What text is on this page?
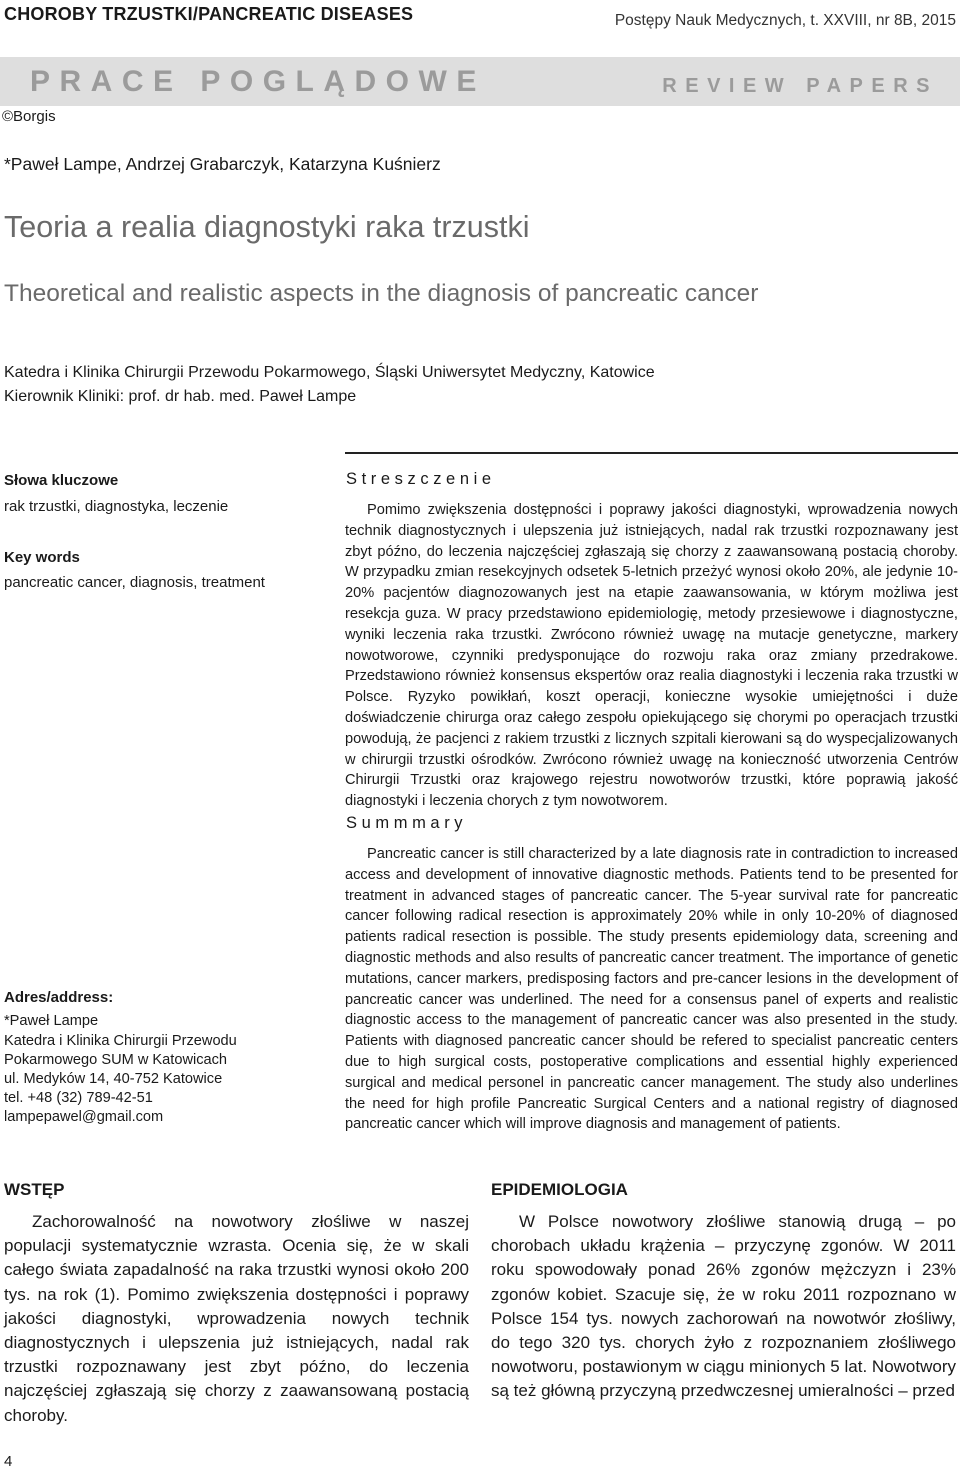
CHOROBY TRZUSTKI/PANCREATIC DISEASES	Postępy Nauk Medycznych, t. XXVIII, nr 8B, 2015
PRACE POGLĄDOWE	REVIEW PAPERS
©Borgis
*Paweł Lampe, Andrzej Grabarczyk, Katarzyna Kuśnierz
Teoria a realia diagnostyki raka trzustki
Theoretical and realistic aspects in the diagnosis of pancreatic cancer
Katedra i Klinika Chirurgii Przewodu Pokarmowego, Śląski Uniwersytet Medyczny, Katowice
Kierownik Kliniki: prof. dr hab. med. Paweł Lampe
Słowa kluczowe
rak trzustki, diagnostyka, leczenie
Key words
pancreatic cancer, diagnosis, treatment
Streszczenie
Pomimo zwiększenia dostępności i poprawy jakości diagnostyki, wprowadzenia nowych technik diagnostycznych i ulepszenia już istniejących, nadal rak trzustki rozpoznawany jest zbyt późno, do leczenia najczęściej zgłaszają się chorzy z zaawansowaną postacią choroby. W przypadku zmian resekcyjnych odsetek 5-letnich przeżyć wynosi około 20%, ale jedynie 10-20% pacjentów diagnozowanych jest na etapie zaawansowania, w którym możliwa jest resekcja guza. W pracy przedstawiono epidemiologię, metody przesiewowe i diagnostyczne, wyniki leczenia raka trzustki. Zwrócono również uwagę na mutacje genetyczne, markery nowotworowe, czynniki predysponujące do rozwoju raka oraz zmiany przedrakowe. Przedstawiono również konsensus ekspertów oraz realia diagnostyki i leczenia raka trzustki w Polsce. Ryzyko powikłań, koszt operacji, konieczne wysokie umiejętności i duże doświadczenie chirurga oraz całego zespołu opiekującego się chorymi po operacjach trzustki powodują, że pacjenci z rakiem trzustki z licznych szpitali kierowani są do wyspecjalizowanych w chirurgii trzustki ośrodków. Zwrócono również uwagę na konieczność utworzenia Centrów Chirurgii Trzustki oraz krajowego rejestru nowotworów trzustki, które poprawią jakość diagnostyki i leczenia chorych z tym nowotworem.
Summmary
Pancreatic cancer is still characterized by a late diagnosis rate in contradiction to increased access and development of innovative diagnostic methods. Patients tend to be presented for treatment in advanced stages of pancreatic cancer. The 5-year survival rate for pancreatic cancer following radical resection is approximately 20% while in only 10-20% of diagnosed patients radical resection is possible. The study presents epidemiology data, screening and diagnostic methods and also results of pancreatic cancer treatment. The importance of genetic mutations, cancer markers, predisposing factors and pre-cancer lesions in the development of pancreatic cancer was underlined. The need for a consensus panel of experts and realistic diagnostic access to the management of pancreatic cancer was also presented in the study. Patients with diagnosed pancreatic cancer should be refered to specialist pancreatic centers due to high surgical costs, postoperative complications and essential highly experienced surgical and medical personel in pancreatic cancer management. The study also underlines the need for high profile Pancreatic Surgical Centers and a national registry of diagnosed pancreatic cancer which will improve diagnosis and management of patients.
Adres/address:
*Paweł Lampe
Katedra i Klinika Chirurgii Przewodu
Pokarmowego SUM w Katowicach
ul. Medyków 14, 40-752 Katowice
tel. +48 (32) 789-42-51
lampepawel@gmail.com
WSTĘP
Zachorowalność na nowotwory złośliwe w naszej populacji systematycznie wzrasta. Ocenia się, że w skali całego świata zapadalność na raka trzustki wynosi około 200 tys. na rok (1). Pomimo zwiększenia dostępności i poprawy jakości diagnostyki, wprowadzenia nowych technik diagnostycznych i ulepszenia już istniejących, nadal rak trzustki rozpoznawany jest zbyt późno, do leczenia najczęściej zgłaszają się chorzy z zaawansowaną postacią choroby.
EPIDEMIOLOGIA
W Polsce nowotwory złośliwe stanowią drugą – po chorobach układu krążenia – przyczynę zgonów. W 2011 roku spowodowały ponad 26% zgonów mężczyzn i 23% zgonów kobiet. Szacuje się, że w roku 2011 rozpoznano w Polsce 154 tys. nowych zachorowań na nowotwór złośliwy, do tego 320 tys. chorych żyło z rozpoznaniem złośliwego nowotworu, postawionym w ciągu minionych 5 lat. Nowotwory są też główną przyczyną przedwczesnej umieralności – przed
4
